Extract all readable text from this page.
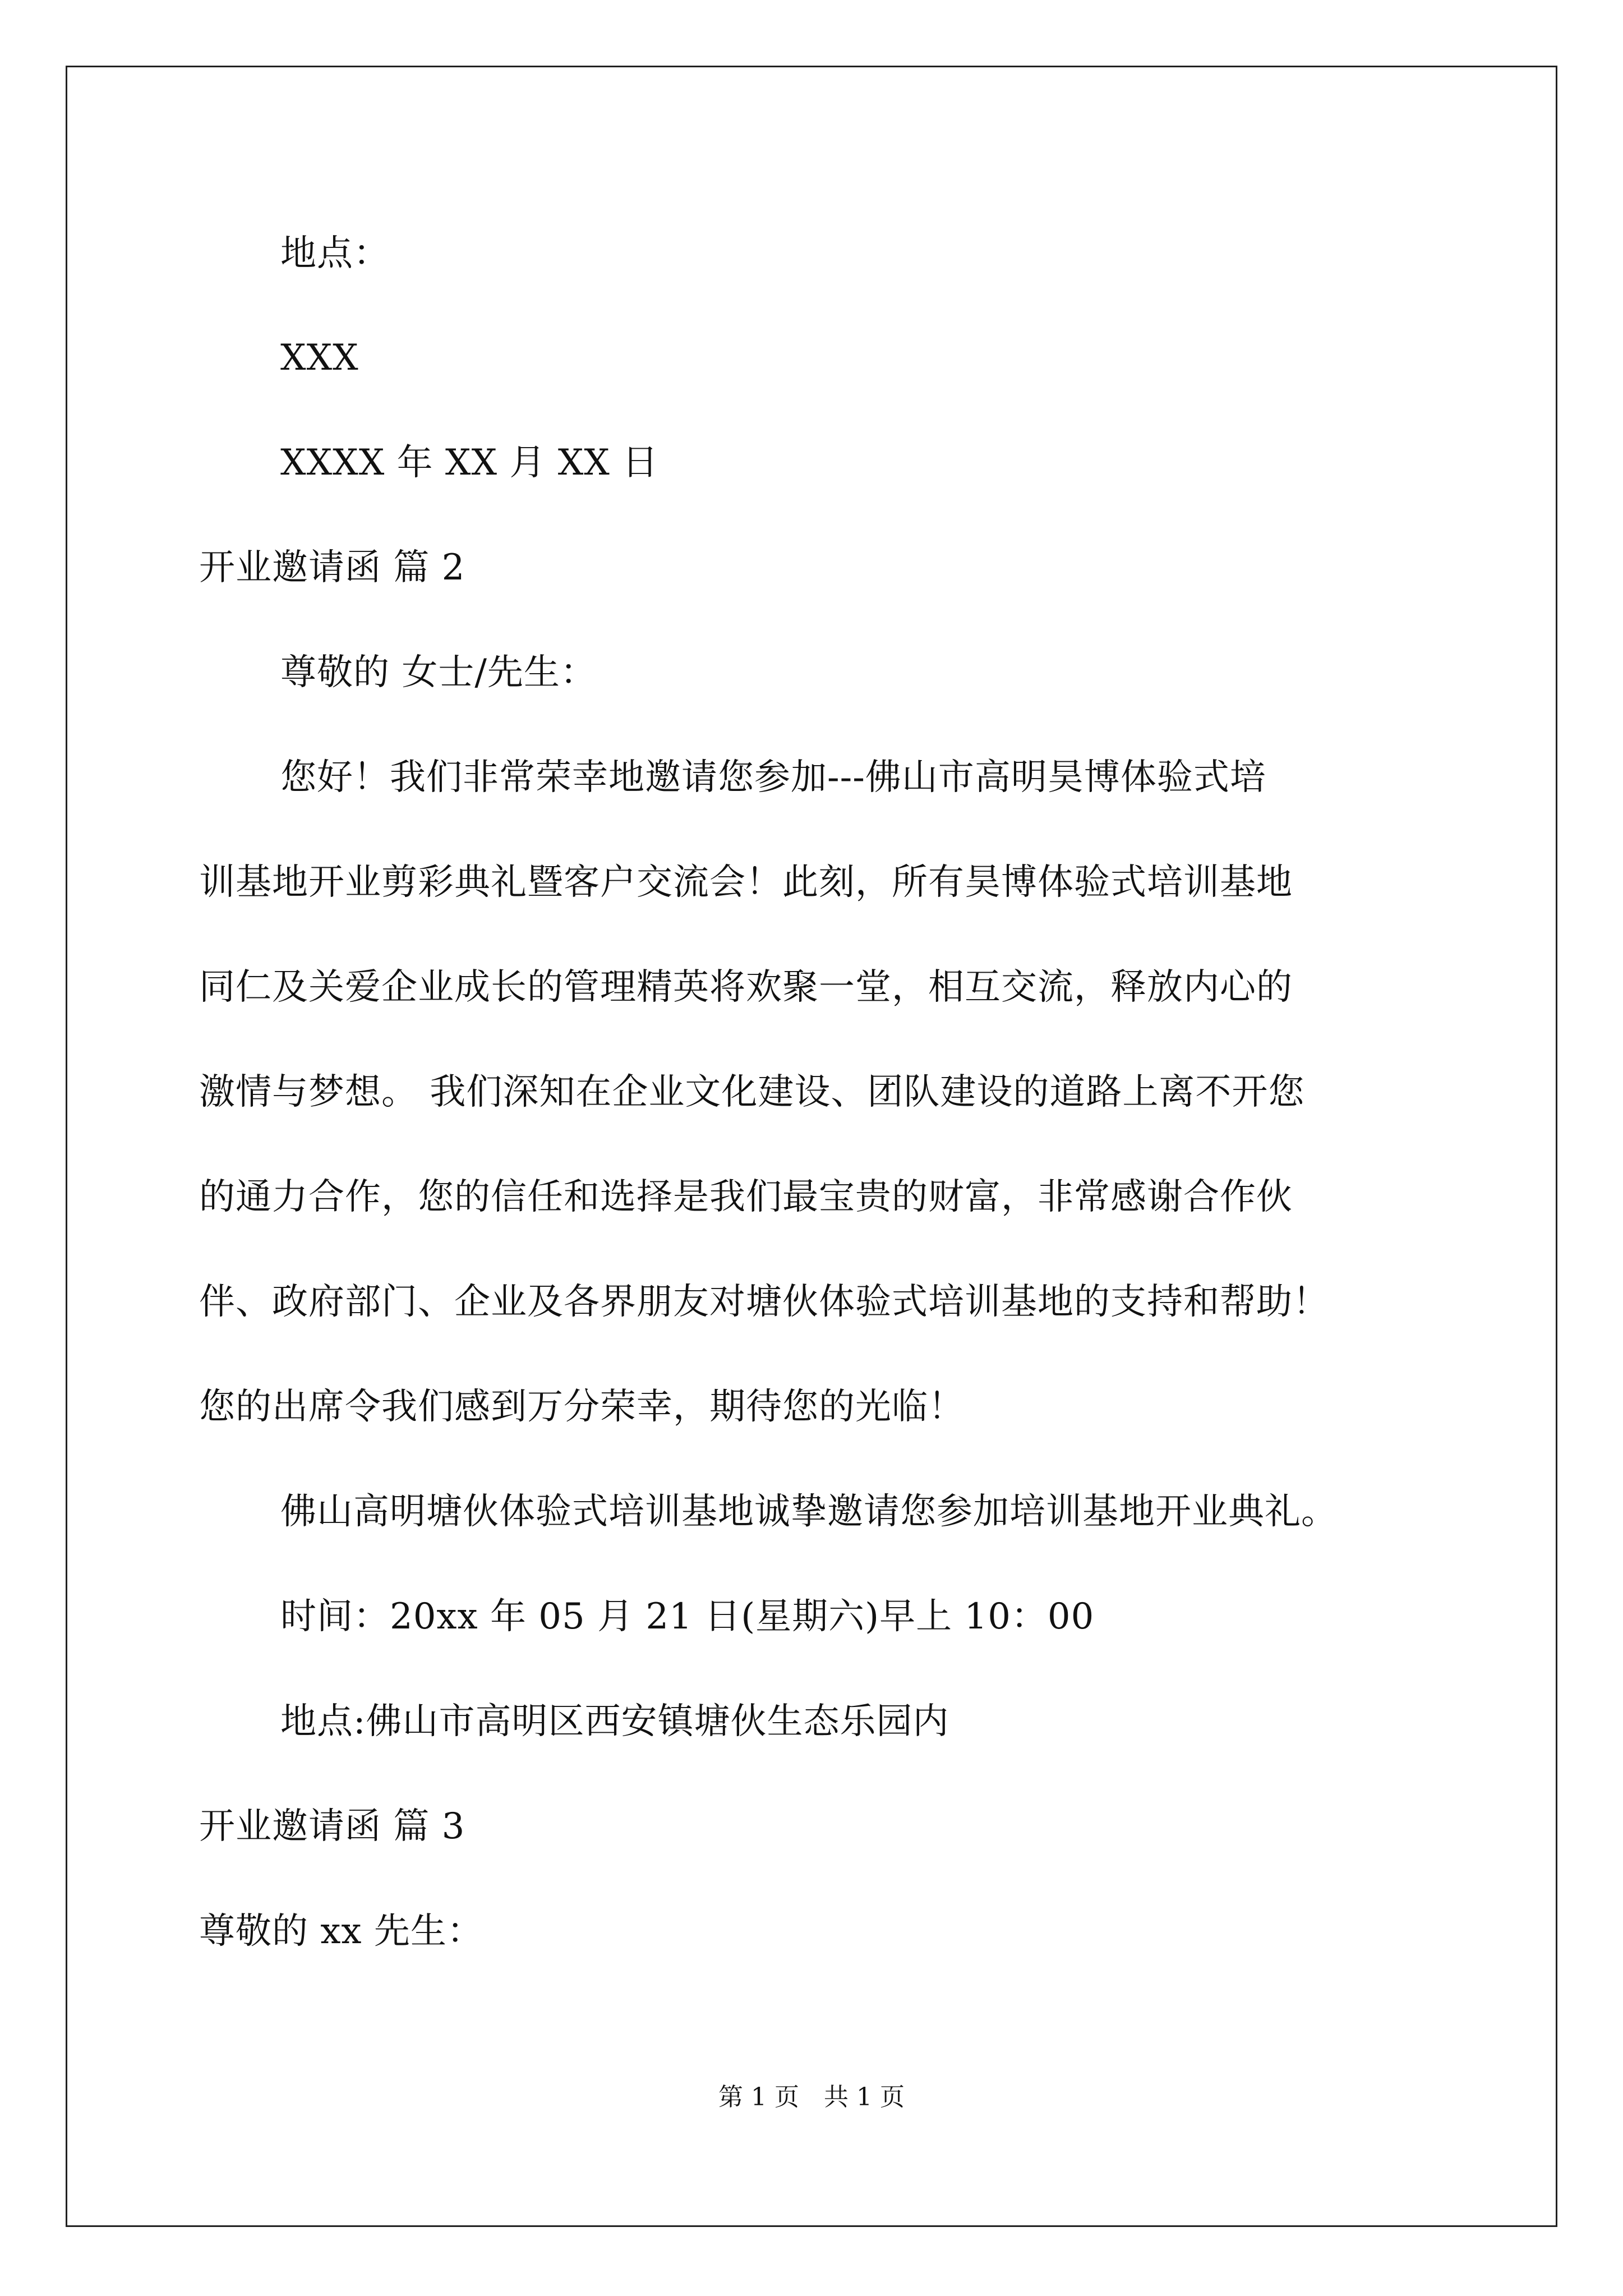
地点：
XXX
XXXX 年 XX 月 XX 日
开业邀请函 篇 2
尊敬的 女士/先生：
您好！我们非常荣幸地邀请您参加---佛山市高明昊博体验式培
训基地开业剪彩典礼暨客户交流会！此刻，所有昊博体验式培训基地
同仁及关爱企业成长的管理精英将欢聚一堂，相互交流，释放内心的
激情与梦想。 我们深知在企业文化建设、团队建设的道路上离不开您
的通力合作，您的信任和选择是我们最宝贵的财富，非常感谢合作伙
伴、政府部门、企业及各界朋友对塘伙体验式培训基地的支持和帮助！
您的出席令我们感到万分荣幸，期待您的光临！
佛山高明塘伙体验式培训基地诚挚邀请您参加培训基地开业典礼。
时间：20xx 年 05 月 21 日(星期六)早上 10：00
地点:佛山市高明区西安镇塘伙生态乐园内
开业邀请函 篇 3
尊敬的 xx 先生：
第 1 页　共 1 页
